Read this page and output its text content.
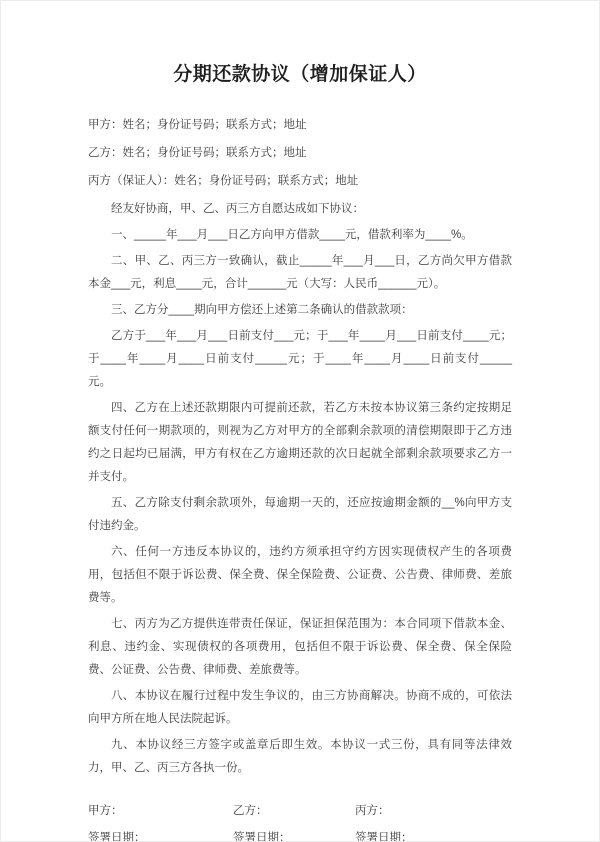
分期还款协议（增加保证人）

甲方：姓名；身份证号码；联系方式；地址

乙方：姓名；身份证号码；联系方式；地址

丙方（保证人）：姓名；身份证号码；联系方式；地址

经友好协商，甲、乙、丙三方自愿达成如下协议：

一、_____年___月___日乙方向甲方借款____元，借款利率为____%。

二、甲、乙、丙三方一致确认，截止_____年___月___日，乙方尚欠甲方借款本金___元，利息____元，合计______元（大写：人民币______元）。

三、乙方分____期向甲方偿还上述第二条确认的借款款项：

乙方于___年___月___日前支付___元；于___年____月___日前支付____元；于____年____月____日前支付_____元；于____年____月____日前支付_____元。

四、乙方在上述还款期限内可提前还款，若乙方未按本协议第三条约定按期足额支付任何一期款项的，则视为乙方对甲方的全部剩余款项的清偿期限即于乙方违约之日起均已届满，甲方有权在乙方逾期还款的次日起就全部剩余款项要求乙方一并支付。

五、乙方除支付剩余款项外，每逾期一天的，还应按逾期金额的__%向甲方支付违约金。

六、任何一方违反本协议的，违约方须承担守约方因实现债权产生的各项费用，包括但不限于诉讼费、保全费、保全保险费、公证费、公告费、律师费、差旅费等。

七、丙方为乙方提供连带责任保证，保证担保范围为：本合同项下借款本金、利息、违约金、实现债权的各项费用，包括但不限于诉讼费、保全费、保全保险费、公证费、公告费、律师费、差旅费等。

八、本协议在履行过程中发生争议的，由三方协商解决。协商不成的，可依法向甲方所在地人民法院起诉。

九、本协议经三方签字或盖章后即生效。本协议一式三份，具有同等法律效力，甲、乙、丙三方各执一份。

甲方：

签署日期：

乙方：

签署日期：

丙方：

签署日期：
